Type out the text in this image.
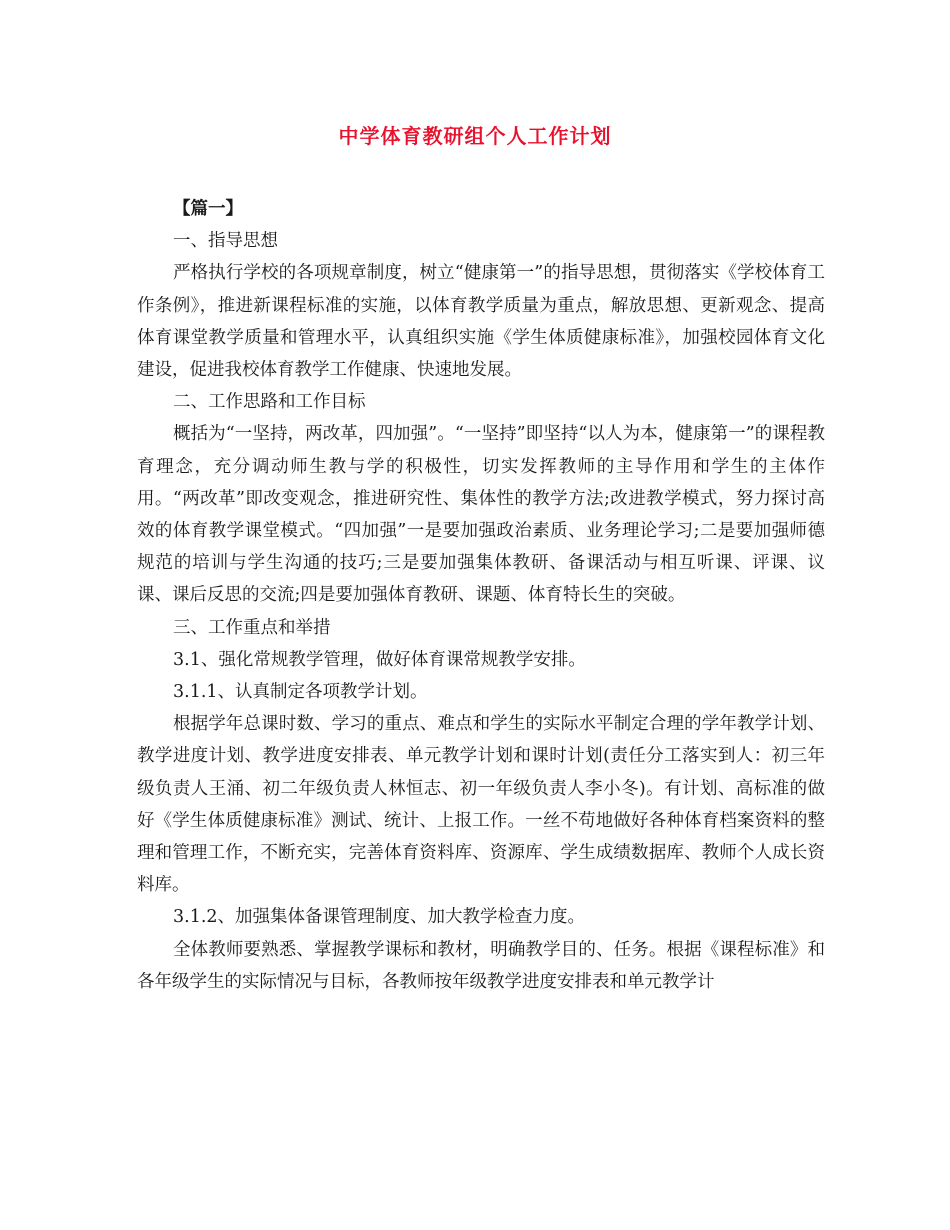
中学体育教研组个人工作计划

【篇一】

一、指导思想

严格执行学校的各项规章制度，树立“健康第一”的指导思想，贯彻落实《学校体育工作条例》，推进新课程标准的实施，以体育教学质量为重点，解放思想、更新观念、提高体育课堂教学质量和管理水平，认真组织实施《学生体质健康标准》，加强校园体育文化建设，促进我校体育教学工作健康、快速地发展。

二、工作思路和工作目标

概括为“一坚持，两改革，四加强”。“一坚持”即坚持“以人为本，健康第一”的课程教育理念，充分调动师生教与学的积极性，切实发挥教师的主导作用和学生的主体作用。“两改革”即改变观念，推进研究性、集体性的教学方法;改进教学模式，努力探讨高效的体育教学课堂模式。“四加强”一是要加强政治素质、业务理论学习;二是要加强师德规范的培训与学生沟通的技巧;三是要加强集体教研、备课活动与相互听课、评课、议课、课后反思的交流;四是要加强体育教研、课题、体育特长生的突破。

三、工作重点和举措

3.1、强化常规教学管理，做好体育课常规教学安排。

3.1.1、认真制定各项教学计划。

根据学年总课时数、学习的重点、难点和学生的实际水平制定合理的学年教学计划、教学进度计划、教学进度安排表、单元教学计划和课时计划(责任分工落实到人：初三年级负责人王涌、初二年级负责人林恒志、初一年级负责人李小冬)。有计划、高标准的做好《学生体质健康标准》测试、统计、上报工作。一丝不苟地做好各种体育档案资料的整理和管理工作，不断充实，完善体育资料库、资源库、学生成绩数据库、教师个人成长资料库。

3.1.2、加强集体备课管理制度、加大教学检查力度。

全体教师要熟悉、掌握教学课标和教材，明确教学目的、任务。根据《课程标准》和各年级学生的实际情况与目标，各教师按年级教学进度安排表和单元教学计
